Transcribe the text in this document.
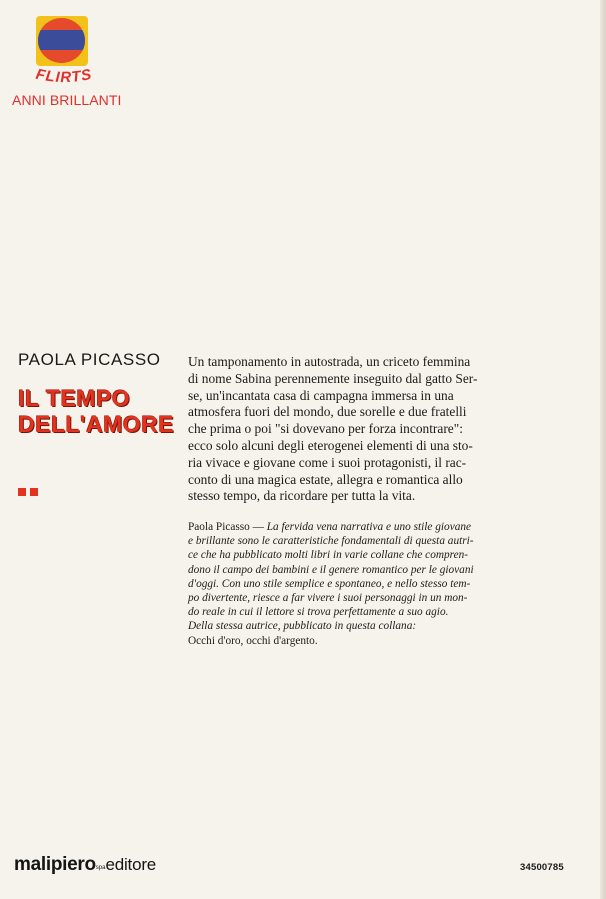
FLIRTS
ANNI BRILLANTI
PAOLA PICASSO
IL TEMPO
DELL'AMORE
Un tamponamento in autostrada, un criceto femmina
di nome Sabina perennemente inseguito dal gatto Ser-
se, un'incantata casa di campagna immersa in una
atmosfera fuori del mondo, due sorelle e due fratelli
che prima o poi "si dovevano per forza incontrare":
ecco solo alcuni degli eterogenei elementi di una sto-
ria vivace e giovane come i suoi protagonisti, il rac-
conto di una magica estate, allegra e romantica allo
stesso tempo, da ricordare per tutta la vita.
Paola Picasso — La fervida vena narrativa e uno stile giovane
e brillante sono le caratteristiche fondamentali di questa autri-
ce che ha pubblicato molti libri in varie collane che compren-
dono il campo dei bambini e il genere romantico per le giovani
d'oggi. Con uno stile semplice e spontaneo, e nello stesso tem-
po divertente, riesce a far vivere i suoi personaggi in un mon-
do reale in cui il lettore si trova perfettamente a suo agio.
Della stessa autrice, pubblicato in questa collana:
Occhi d'oro, occhi d'argento.
malipierospaeditore	34500785
